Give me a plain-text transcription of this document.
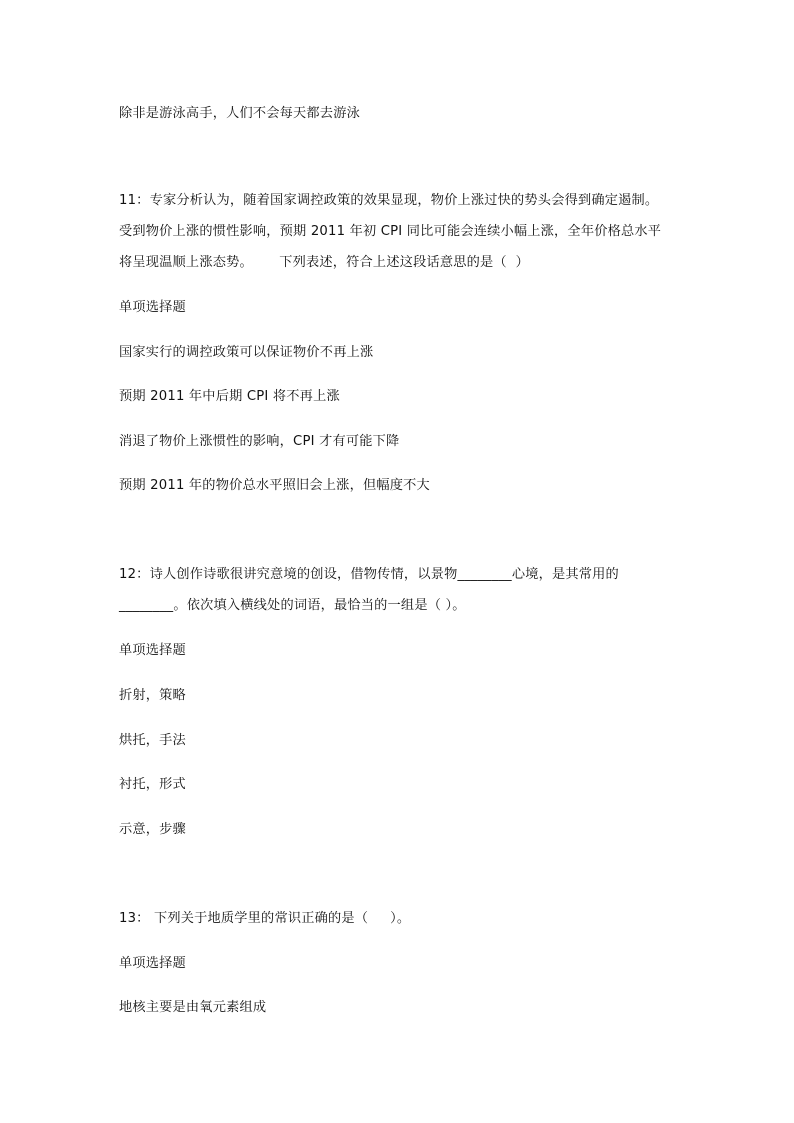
除非是游泳高手，人们不会每天都去游泳
11：专家分析认为，随着国家调控政策的效果显现，物价上涨过快的势头会得到确定遏制。
受到物价上涨的惯性影响，预期 2011 年初 CPI 同比可能会连续小幅上涨，全年价格总水平
将呈现温顺上涨态势。      下列表述，符合上述这段话意思的是（  ）
单项选择题
国家实行的调控政策可以保证物价不再上涨
预期 2011 年中后期 CPI 将不再上涨
消退了物价上涨惯性的影响，CPI 才有可能下降
预期 2011 年的物价总水平照旧会上涨，但幅度不大
12：诗人创作诗歌很讲究意境的创设，借物传情，以景物________心境，是其常用的
________。依次填入横线处的词语，最恰当的一组是（ ）。
单项选择题
折射，策略
烘托，手法
衬托，形式
示意，步骤
13： 下列关于地质学里的常识正确的是（     ）。
单项选择题
地核主要是由氧元素组成
